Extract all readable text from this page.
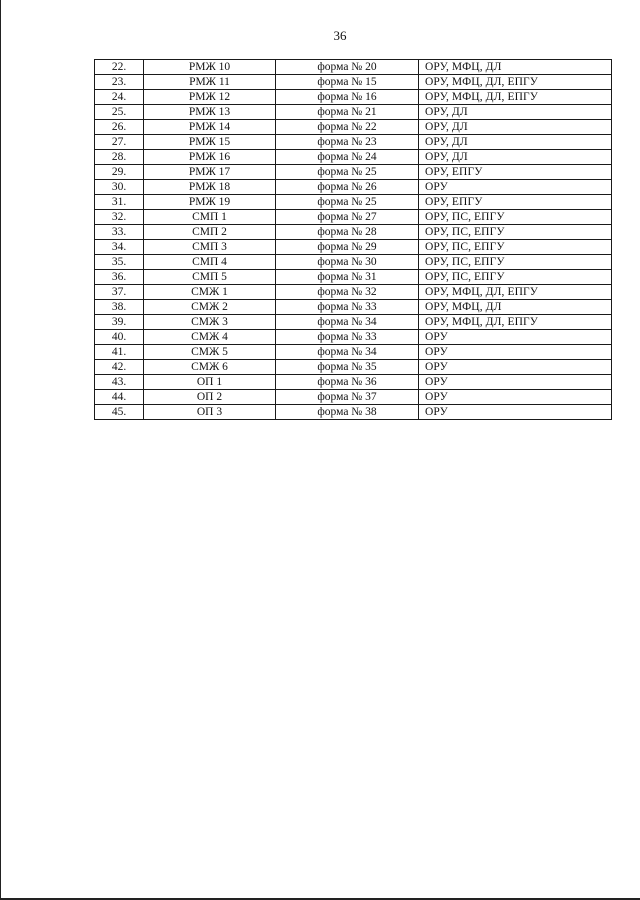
36
22.	РМЖ 10	форма № 20	ОРУ, МФЦ, ДЛ
23.	РМЖ 11	форма № 15	ОРУ, МФЦ, ДЛ, ЕПГУ
24.	РМЖ 12	форма № 16	ОРУ, МФЦ, ДЛ, ЕПГУ
25.	РМЖ 13	форма № 21	ОРУ, ДЛ
26.	РМЖ 14	форма № 22	ОРУ, ДЛ
27.	РМЖ 15	форма № 23	ОРУ, ДЛ
28.	РМЖ 16	форма № 24	ОРУ, ДЛ
29.	РМЖ 17	форма № 25	ОРУ, ЕПГУ
30.	РМЖ 18	форма № 26	ОРУ
31.	РМЖ 19	форма № 25	ОРУ, ЕПГУ
32.	СМП 1	форма № 27	ОРУ, ПС, ЕПГУ
33.	СМП 2	форма № 28	ОРУ, ПС, ЕПГУ
34.	СМП 3	форма № 29	ОРУ, ПС, ЕПГУ
35.	СМП 4	форма № 30	ОРУ, ПС, ЕПГУ
36.	СМП 5	форма № 31	ОРУ, ПС, ЕПГУ
37.	СМЖ 1	форма № 32	ОРУ, МФЦ, ДЛ, ЕПГУ
38.	СМЖ 2	форма № 33	ОРУ, МФЦ, ДЛ
39.	СМЖ 3	форма № 34	ОРУ, МФЦ, ДЛ, ЕПГУ
40.	СМЖ 4	форма № 33	ОРУ
41.	СМЖ 5	форма № 34	ОРУ
42.	СМЖ 6	форма № 35	ОРУ
43.	ОП 1	форма № 36	ОРУ
44.	ОП 2	форма № 37	ОРУ
45.	ОП 3	форма № 38	ОРУ
